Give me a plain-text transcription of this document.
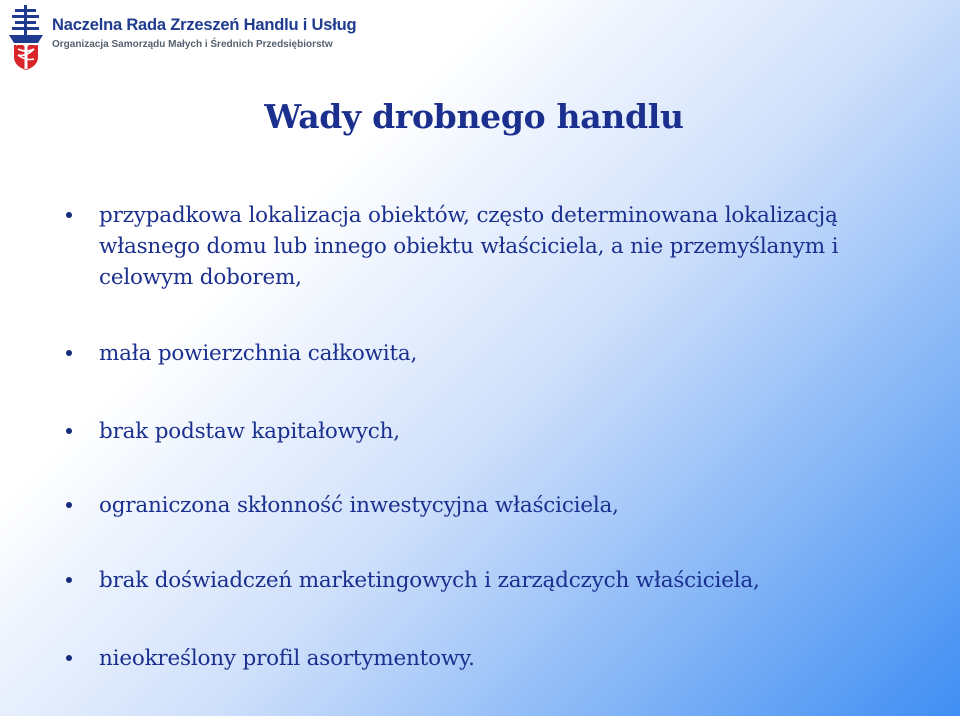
Naczelna Rada Zrzeszeń Handlu i Usług
Organizacja Samorządu Małych i Średnich Przedsiębiorstw
Wady drobnego handlu
przypadkowa lokalizacja obiektów, często determinowana lokalizacją własnego domu lub innego obiektu właściciela, a nie przemyślanym i celowym doborem,
mała powierzchnia całkowita,
brak podstaw kapitałowych,
ograniczona skłonność inwestycyjna właściciela,
brak doświadczeń marketingowych i zarządczych właściciela,
nieokreślony profil asortymentowy.
